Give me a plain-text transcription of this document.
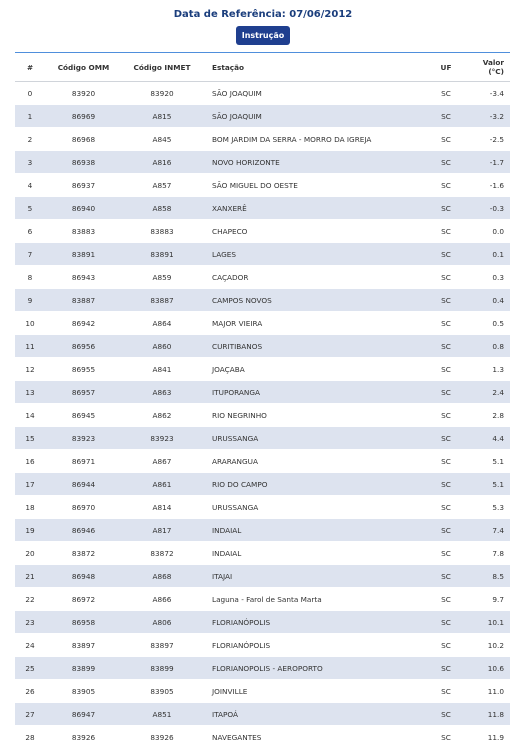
Data de Referência: 07/06/2012
Instrução
#	Código OMM	Código INMET	Estação	UF	Valor (°C)
0	83920	83920	SÃO JOAQUIM	SC	-3.4
1	86969	A815	SÃO JOAQUIM	SC	-3.2
2	86968	A845	BOM JARDIM DA SERRA - MORRO DA IGREJA	SC	-2.5
3	86938	A816	NOVO HORIZONTE	SC	-1.7
4	86937	A857	SÃO MIGUEL DO OESTE	SC	-1.6
5	86940	A858	XANXERÊ	SC	-0.3
6	83883	83883	CHAPECO	SC	0.0
7	83891	83891	LAGES	SC	0.1
8	86943	A859	CAÇADOR	SC	0.3
9	83887	83887	CAMPOS NOVOS	SC	0.4
10	86942	A864	MAJOR VIEIRA	SC	0.5
11	86956	A860	CURITIBANOS	SC	0.8
12	86955	A841	JOAÇABA	SC	1.3
13	86957	A863	ITUPORANGA	SC	2.4
14	86945	A862	RIO NEGRINHO	SC	2.8
15	83923	83923	URUSSANGA	SC	4.4
16	86971	A867	ARARANGUA	SC	5.1
17	86944	A861	RIO DO CAMPO	SC	5.1
18	86970	A814	URUSSANGA	SC	5.3
19	86946	A817	INDAIAL	SC	7.4
20	83872	83872	INDAIAL	SC	7.8
21	86948	A868	ITAJAI	SC	8.5
22	86972	A866	Laguna - Farol de Santa Marta	SC	9.7
23	86958	A806	FLORIANÓPOLIS	SC	10.1
24	83897	83897	FLORIANÓPOLIS	SC	10.2
25	83899	83899	FLORIANOPOLIS - AEROPORTO	SC	10.6
26	83905	83905	JOINVILLE	SC	11.0
27	86947	A851	ITAPOÁ	SC	11.8
28	83926	83926	NAVEGANTES	SC	11.9
